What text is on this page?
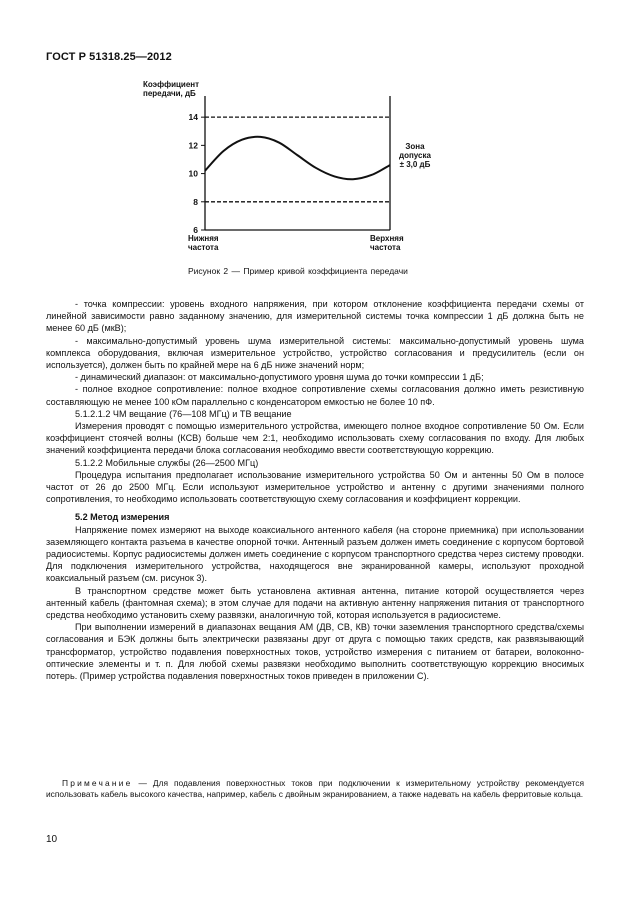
ГОСТ Р 51318.25—2012
6
8
10
12
14
Коэффициент
передачи, дБ
Зона
допуска
± 3,0 дБ
Нижняя
частота
Верхняя
частота
Рисунок 2 — Пример кривой коэффициента передачи

- точка компрессии: уровень входного напряжения, при котором отклонение коэффициента передачи схемы от линейной зависимости равно заданному значению, для измерительной системы точка компрессии 1 дБ должна быть не менее 60 дБ (мкВ);

- максимально-допустимый уровень шума измерительной системы: максимально-допустимый уровень шума комплекса оборудования, включая измерительное устройство, устройство согласования и предусилитель (если он используется), должен быть по крайней мере на 6 дБ ниже значений норм;

- динамический диапазон: от максимально-допустимого уровня шума до точки компрессии 1 дБ;

- полное входное сопротивление: полное входное сопротивление схемы согласования должно иметь резистивную составляющую не менее 100 кОм параллельно с конденсатором емкостью не более 10 пФ.

5.1.2.1.2 ЧМ вещание (76—108 МГц) и ТВ вещание

Измерения проводят с помощью измерительного устройства, имеющего полное входное сопротивление 50 Ом. Если коэффициент стоячей волны (КСВ) больше чем 2:1, необходимо использовать схему согласования по входу. Для любых значений коэффициента передачи блока согласования необходимо ввести соответствующую коррекцию.

5.1.2.2 Мобильные службы (26—2500 МГц)

Процедура испытания предполагает использование измерительного устройства 50 Ом и антенны 50 Ом в полосе частот от 26 до 2500 МГц. Если используют измерительное устройство и антенну с другими значениями полного сопротивления, то необходимо использовать соответствующую схему согласования и коэффициент коррекции.

5.2 Метод измерения

Напряжение помех измеряют на выходе коаксиального антенного кабеля (на стороне приемника) при использовании заземляющего контакта разъема в качестве опорной точки. Антенный разъем должен иметь соединение с корпусом бортовой радиосистемы. Корпус радиосистемы должен иметь соединение с корпусом транспортного средства через систему проводки. Для подключения измерительного устройства, находящегося вне экранированной камеры, используют проходной коаксиальный разъем (см. рисунок 3).

В транспортном средстве может быть установлена активная антенна, питание которой осуществляется через антенный кабель (фантомная схема); в этом случае для подачи на активную антенну напряжения питания от транспортного средства необходимо установить схему развязки, аналогичную той, которая используется в радиосистеме.

При выполнении измерений в диапазонах вещания АМ (ДВ, СВ, КВ) точки заземления транспортного средства/схемы согласования и БЭК должны быть электрически развязаны друг от друга с помощью таких средств, как развязывающий трансформатор, устройство подавления поверхностных токов, устройство измерения с питанием от батареи, волоконно-оптические элементы и т. п. Для любой схемы развязки необходимо выполнить соответствующую коррекцию вносимых потерь. (Пример устройства подавления поверхностных токов приведен в приложении С).

Примечание — Для подавления поверхностных токов при подключении к измерительному устройству рекомендуется использовать кабель высокого качества, например, кабель с двойным экранированием, а также надевать на кабель ферритовые кольца.
10
